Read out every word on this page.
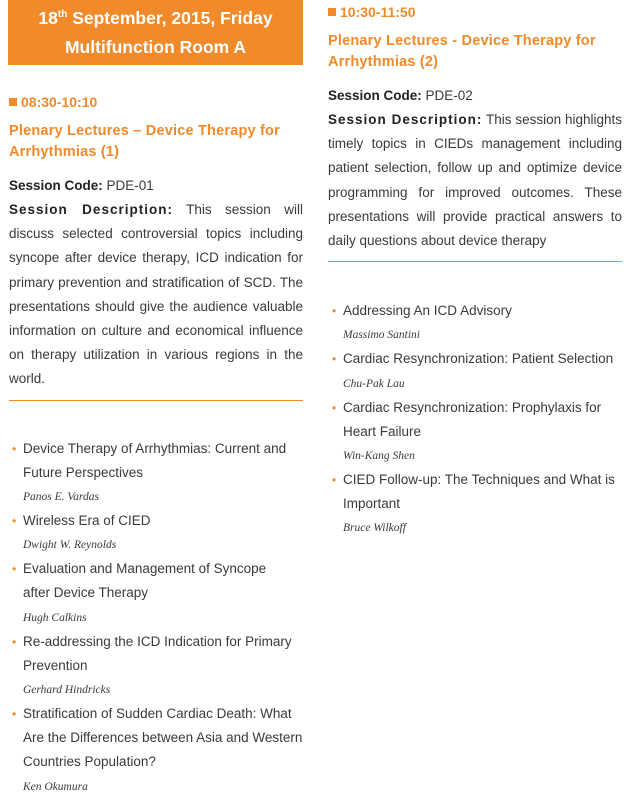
18th September, 2015, Friday
Multifunction Room A
08:30-10:10
Plenary Lectures – Device Therapy for Arrhythmias (1)
Session Code: PDE-01
Session Description: This session will discuss selected controversial topics including syncope after device therapy, ICD indication for primary prevention and stratification of SCD. The presentations should give the audience valuable information on culture and economical influence on therapy utilization in various regions in the world.
• Device Therapy of Arrhythmias: Current and Future Perspectives
Panos E. Vardas
• Wireless Era of CIED
Dwight W. Reynolds
• Evaluation and Management of Syncope after Device Therapy
Hugh Calkins
• Re-addressing the ICD Indication for Primary Prevention
Gerhard Hindricks
• Stratification of Sudden Cardiac Death: What Are the Differences between Asia and Western Countries Population?
Ken Okumura
10:30-11:50
Plenary Lectures - Device Therapy for Arrhythmias (2)
Session Code: PDE-02
Session Description: This session highlights timely topics in CIEDs management including patient selection, follow up and optimize device programming for improved outcomes. These presentations will provide practical answers to daily questions about device therapy
• Addressing An ICD Advisory
Massimo Santini
• Cardiac Resynchronization: Patient Selection
Chu-Pak Lau
• Cardiac Resynchronization: Prophylaxis for Heart Failure
Win-Kang Shen
• CIED Follow-up: The Techniques and What is Important
Bruce Wilkoff
